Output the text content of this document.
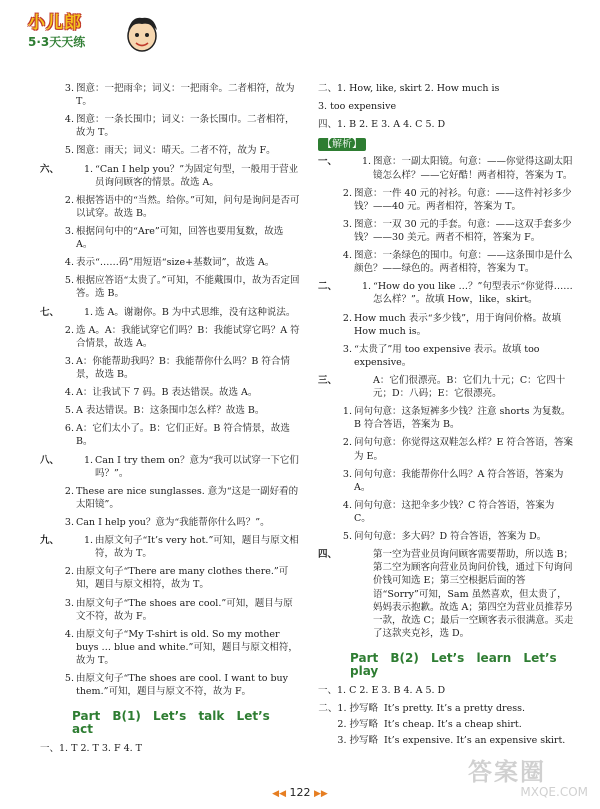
小儿郎
5·3天天练
3. 图意：一把雨伞；词义：一把雨伞。二者相符，故为 T。
4. 图意：一条长围巾；词义：一条长围巾。二者相符，故为 T。
5. 图意：雨天；词义：晴天。二者不符，故为 F。
六、	1. “Can I help you？”为固定句型，一般用于营业员询问顾客的情景。故选 A。
2. 根据答语中的“当然。给你。”可知，问句是询问是否可以试穿。故选 B。
3. 根据问句中的“Are”可知，回答也要用复数，故选 A。
4. 表示“……码”用短语“size+基数词”，故选 A。
5. 根据应答语“太贵了。”可知，不能戴围巾，故为否定回答。选 B。
七、	1. 选 A。谢谢你。B 为中式思维，没有这种说法。
2. 选 A。A：我能试穿它们吗？B：我能试穿它吗？A 符合情景，故选 A。
3. A：你能帮助我吗？B：我能帮你什么吗？B 符合情景，故选 B。
4. A：让我试下 7 码。B 表达错误。故选 A。
5. A 表达错误。B：这条围巾怎么样？故选 B。
6. A：它们太小了。B：它们正好。B 符合情景，故选 B。
八、	1. Can I try them on？意为“我可以试穿一下它们吗？”。
2. These are nice sunglasses. 意为“这是一副好看的太阳镜”。
3. Can I help you？意为“我能帮你什么吗？”。
九、	1. 由原文句子“It’s very hot.”可知，题目与原文相符，故为 T。
2. 由原文句子“There are many clothes there.”可知，题目与原文相符，故为 T。
3. 由原文句子“The shoes are cool.”可知，题目与原文不符，故为 F。
4. 由原文句子“My T-shirt is old. So my mother buys … blue and white.”可知，题目与原文相符，故为 T。
5. 由原文句子“The shoes are cool. I want to buy them.”可知，题目与原文不符，故为 F。
Part B(1) Let’s talk Let’s act
一、1. T 2. T 3. F 4. T
二、1. How, like, skirt 2. How much is
3. too expensive
四、1. B 2. E 3. A 4. C 5. D
【解析】
一、	1. 图意：一副太阳镜。句意：——你觉得这副太阳镜怎么样？——它好酷！两者相符，答案为 T。
2. 图意：一件 40 元的衬衫。句意：——这件衬衫多少钱？——40 元。两者相符，答案为 T。
3. 图意：一双 30 元的手套。句意：——这双手套多少钱？——30 美元。两者不相符，答案为 F。
4. 图意：一条绿色的围巾。句意：——这条围巾是什么颜色？——绿色的。两者相符，答案为 T。
二、	1. “How do you like …？”句型表示“你觉得……怎么样？”。故填 How，like，skirt。
2. How much 表示“多少钱”，用于询问价格。故填 How much is。
3. “太贵了”用 too expensive 表示。故填 too expensive。
三、	A：它们很漂亮。B：它们九十元；C：它四十元；D：八码；E：它很漂亮。
1. 问句句意：这条短裤多少钱？注意 shorts 为复数。B 符合答语，答案为 B。
2. 问句句意：你觉得这双鞋怎么样？E 符合答语，答案为 E。
3. 问句句意：我能帮你什么吗？A 符合答语，答案为 A。
4. 问句句意：这把伞多少钱？C 符合答语，答案为 C。
5. 问句句意：多大码？D 符合答语，答案为 D。
四、	第一空为营业员询问顾客需要帮助，所以选 B；第二空为顾客向营业员询问价钱，通过下句询问价钱可知选 E；第三空根据后面的答语“Sorry”可知，Sam 虽然喜欢，但太贵了，妈妈表示抱歉。故选 A；第四空为营业员推荐另一款，故选 C；最后一空顾客表示很满意。买走了这款夹克衫，选 D。
Part B(2) Let’s learn Let’s play
一、1. C 2. E 3. B 4. A 5. D
二、1. 抄写略 It’s pretty. It’s a pretty dress.
2. 抄写略 It’s cheap. It’s a cheap shirt.
3. 抄写略 It’s expensive. It’s an expensive skirt.
◀◀ 122 ▶▶
答案圈
MXQE.COM
